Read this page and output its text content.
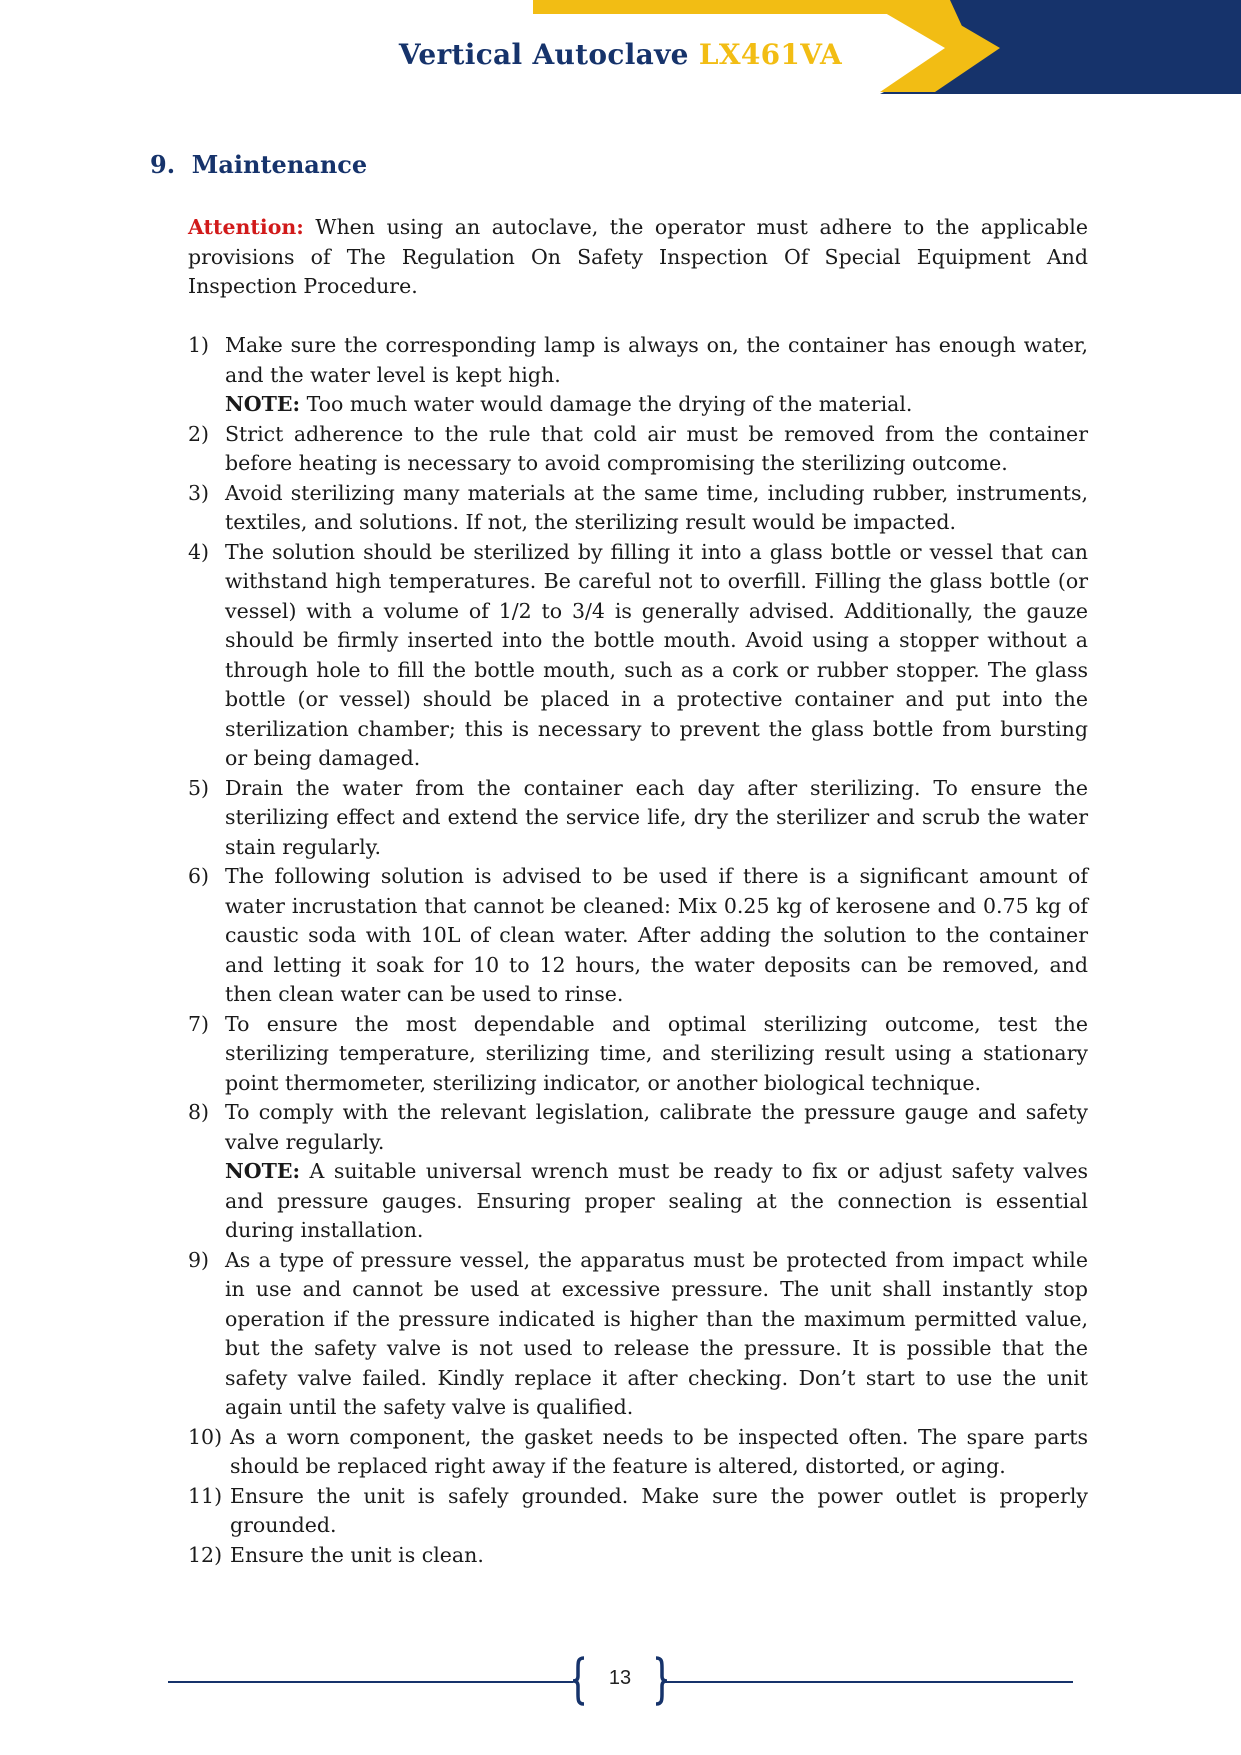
Vertical Autoclave LX461VA
9. Maintenance

Attention: When using an autoclave, the operator must adhere to the applicable provisions of The Regulation On Safety Inspection Of Special Equipment And Inspection Procedure.

1) Make sure the corresponding lamp is always on, the container has enough water, and the water level is kept high.

NOTE: Too much water would damage the drying of the material.

2) Strict adherence to the rule that cold air must be removed from the container before heating is necessary to avoid compromising the sterilizing outcome.

3) Avoid sterilizing many materials at the same time, including rubber, instruments, textiles, and solutions. If not, the sterilizing result would be impacted.

4) The solution should be sterilized by filling it into a glass bottle or vessel that can withstand high temperatures. Be careful not to overfill. Filling the glass bottle (or vessel) with a volume of 1/2 to 3/4 is generally advised. Additionally, the gauze should be firmly inserted into the bottle mouth. Avoid using a stopper without a through hole to fill the bottle mouth, such as a cork or rubber stopper. The glass bottle (or vessel) should be placed in a protective container and put into the sterilization chamber; this is necessary to prevent the glass bottle from bursting or being damaged.

5) Drain the water from the container each day after sterilizing. To ensure the sterilizing effect and extend the service life, dry the sterilizer and scrub the water stain regularly.

6) The following solution is advised to be used if there is a significant amount of water incrustation that cannot be cleaned: Mix 0.25 kg of kerosene and 0.75 kg of caustic soda with 10L of clean water. After adding the solution to the container and letting it soak for 10 to 12 hours, the water deposits can be removed, and then clean water can be used to rinse.

7) To ensure the most dependable and optimal sterilizing outcome, test the sterilizing temperature, sterilizing time, and sterilizing result using a stationary point thermometer, sterilizing indicator, or another biological technique.

8) To comply with the relevant legislation, calibrate the pressure gauge and safety valve regularly.

NOTE: A suitable universal wrench must be ready to fix or adjust safety valves and pressure gauges. Ensuring proper sealing at the connection is essential during installation.

9) As a type of pressure vessel, the apparatus must be protected from impact while in use and cannot be used at excessive pressure. The unit shall instantly stop operation if the pressure indicated is higher than the maximum permitted value, but the safety valve is not used to release the pressure. It is possible that the safety valve failed. Kindly replace it after checking. Don’t start to use the unit again until the safety valve is qualified.

10) As a worn component, the gasket needs to be inspected often. The spare parts should be replaced right away if the feature is altered, distorted, or aging.

11) Ensure the unit is safely grounded. Make sure the power outlet is properly grounded.

12) Ensure the unit is clean.

13
